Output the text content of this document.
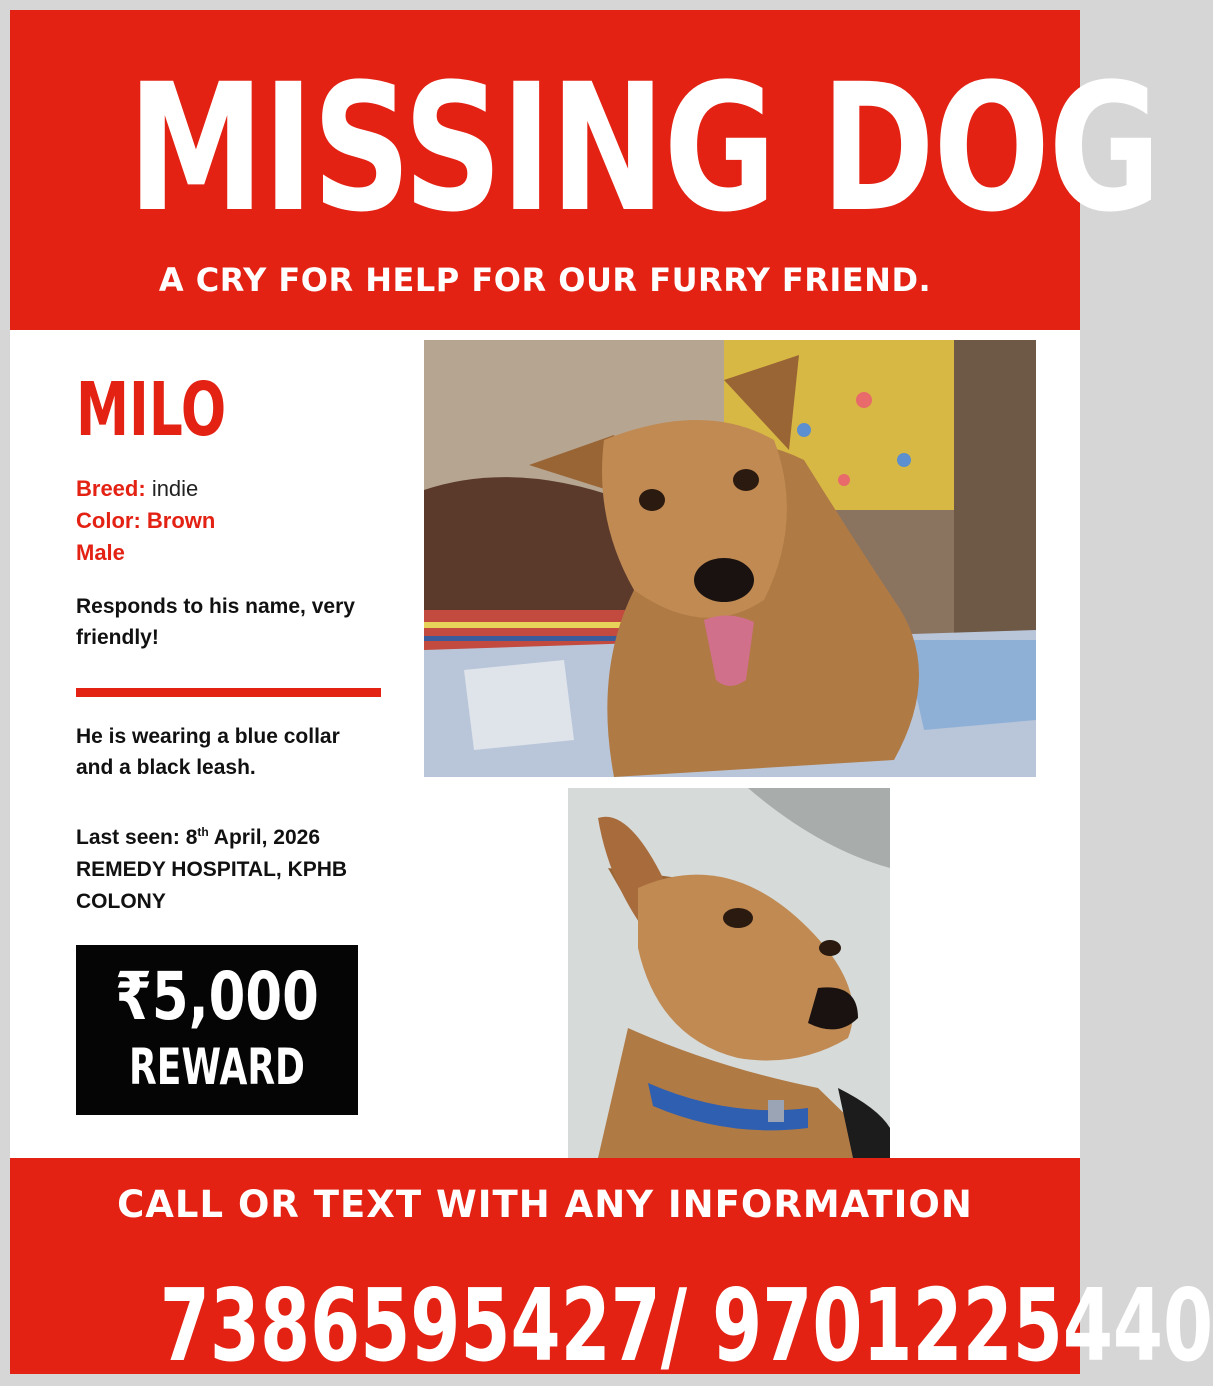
MISSING DOG
A CRY FOR HELP FOR OUR FURRY FRIEND.
MILO
Breed: indie
Color: Brown
Male
Responds to his name, very friendly!
He is wearing a blue collar and a black leash.
Last seen: 8th April, 2026
REMEDY HOSPITAL, KPHB COLONY
₹5,000
REWARD
CALL OR TEXT WITH ANY INFORMATION
7386595427/ 9701225440
